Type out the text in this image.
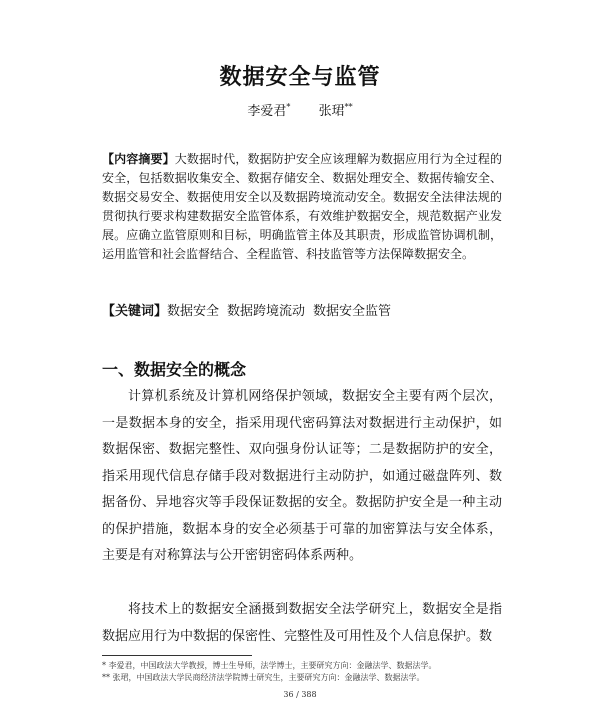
数据安全与监管
李爱君* 张珺**
【内容摘要】大数据时代，数据防护安全应该理解为数据应用行为全过程的安全，包括数据收集安全、数据存储安全、数据处理安全、数据传输安全、数据交易安全、数据使用安全以及数据跨境流动安全。数据安全法律法规的贯彻执行要求构建数据安全监管体系，有效维护数据安全，规范数据产业发展。应确立监管原则和目标，明确监管主体及其职责，形成监管协调机制，运用监管和社会监督结合、全程监管、科技监管等方法保障数据安全。
【关键词】数据安全 数据跨境流动 数据安全监管
一、数据安全的概念
计算机系统及计算机网络保护领域，数据安全主要有两个层次，一是数据本身的安全，指采用现代密码算法对数据进行主动保护，如数据保密、数据完整性、双向强身份认证等；二是数据防护的安全，指采用现代信息存储手段对数据进行主动防护，如通过磁盘阵列、数据备份、异地容灾等手段保证数据的安全。数据防护安全是一种主动的保护措施，数据本身的安全必须基于可靠的加密算法与安全体系，主要是有对称算法与公开密钥密码体系两种。
将技术上的数据安全涵摄到数据安全法学研究上，数据安全是指数据应用行为中数据的保密性、完整性及可用性及个人信息保护。数
* 李爱君，中国政法大学教授，博士生导师，法学博士，主要研究方向：金融法学、数据法学。
** 张珺，中国政法大学民商经济法学院博士研究生，主要研究方向：金融法学、数据法学。
36 / 388
